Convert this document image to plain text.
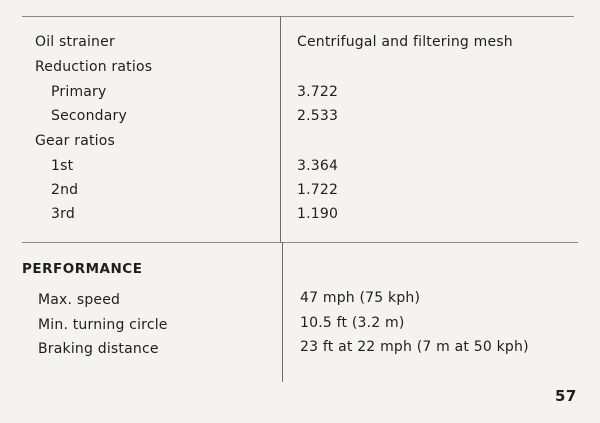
Oil strainer	Centrifugal and filtering mesh
Reduction ratios
Primary	3.722
Secondary	2.533
Gear ratios
1st	3.364
2nd	1.722
3rd	1.190
PERFORMANCE
Max. speed	47 mph (75 kph)
Min. turning circle	10.5 ft (3.2 m)
Braking distance	23 ft at 22 mph (7 m at 50 kph)
57
